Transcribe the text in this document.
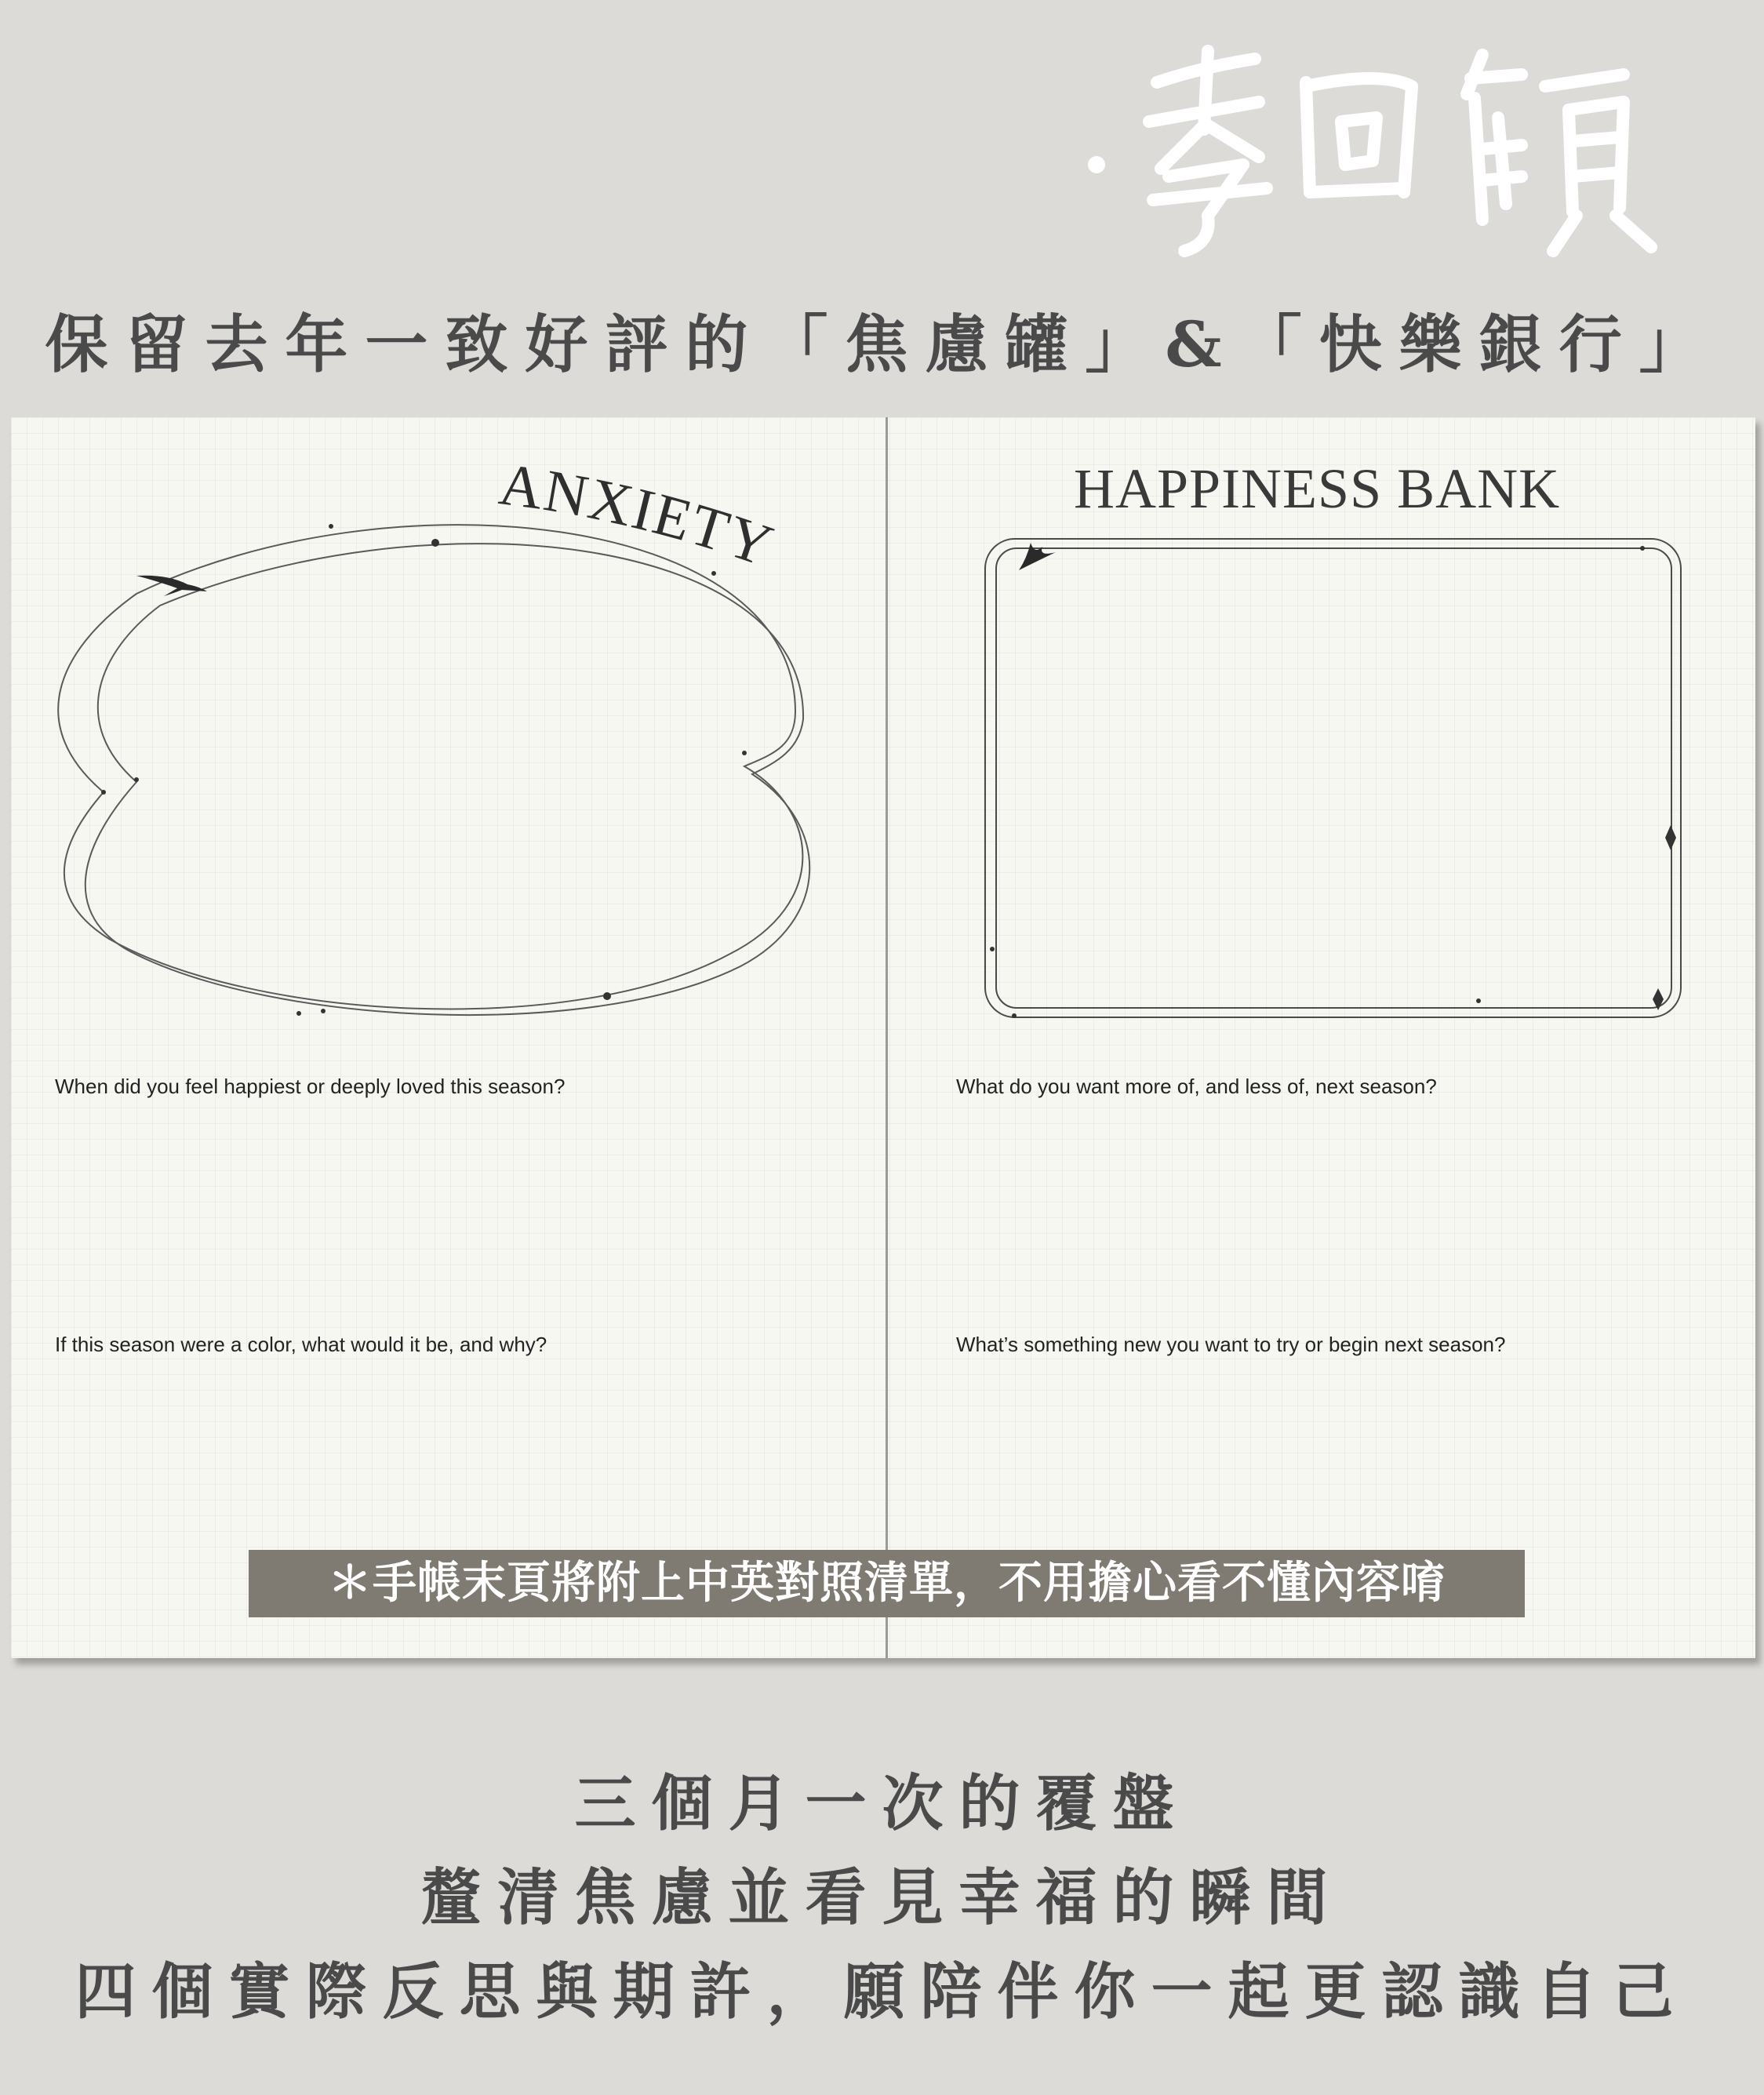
保留去年一致好評的「焦慮罐」&「快樂銀行」
ANXIETY
HAPPINESS BANK
When did you feel happiest or deeply loved this season?
If this season were a color, what would it be, and why?
What do you want more of, and less of, next season?
What’s something new you want to try or begin next season?
＊手帳末頁將附上中英對照清單，不用擔心看不懂內容唷
三個月一次的覆盤
釐清焦慮並看見幸福的瞬間
四個實際反思與期許，願陪伴你一起更認識自己
